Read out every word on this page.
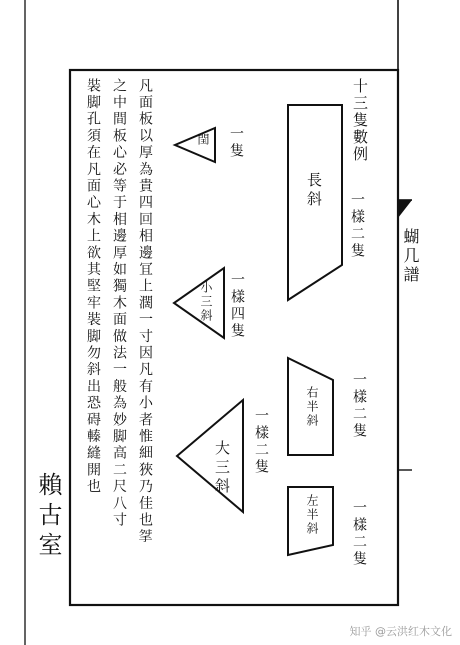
十三隻數例
凡面板以厚為貴四回相邊冝上濶一寸因凡有小者惟細狹乃佳也𢫰
之中間板心必等于相邊厚如獨木面做法一般為妙脚高二尺八寸
裝脚孔須在凡面心木上欲其堅牢裝脚勿斜出恐碍轃縫開也	長斜
閏
小三斜
右半斜
大三斜
左半斜
一樣二隻
一隻
一樣四隻
一樣二隻
一樣二隻
一樣二隻
蝴几譜
賴古室
知乎 @云洪红木文化
